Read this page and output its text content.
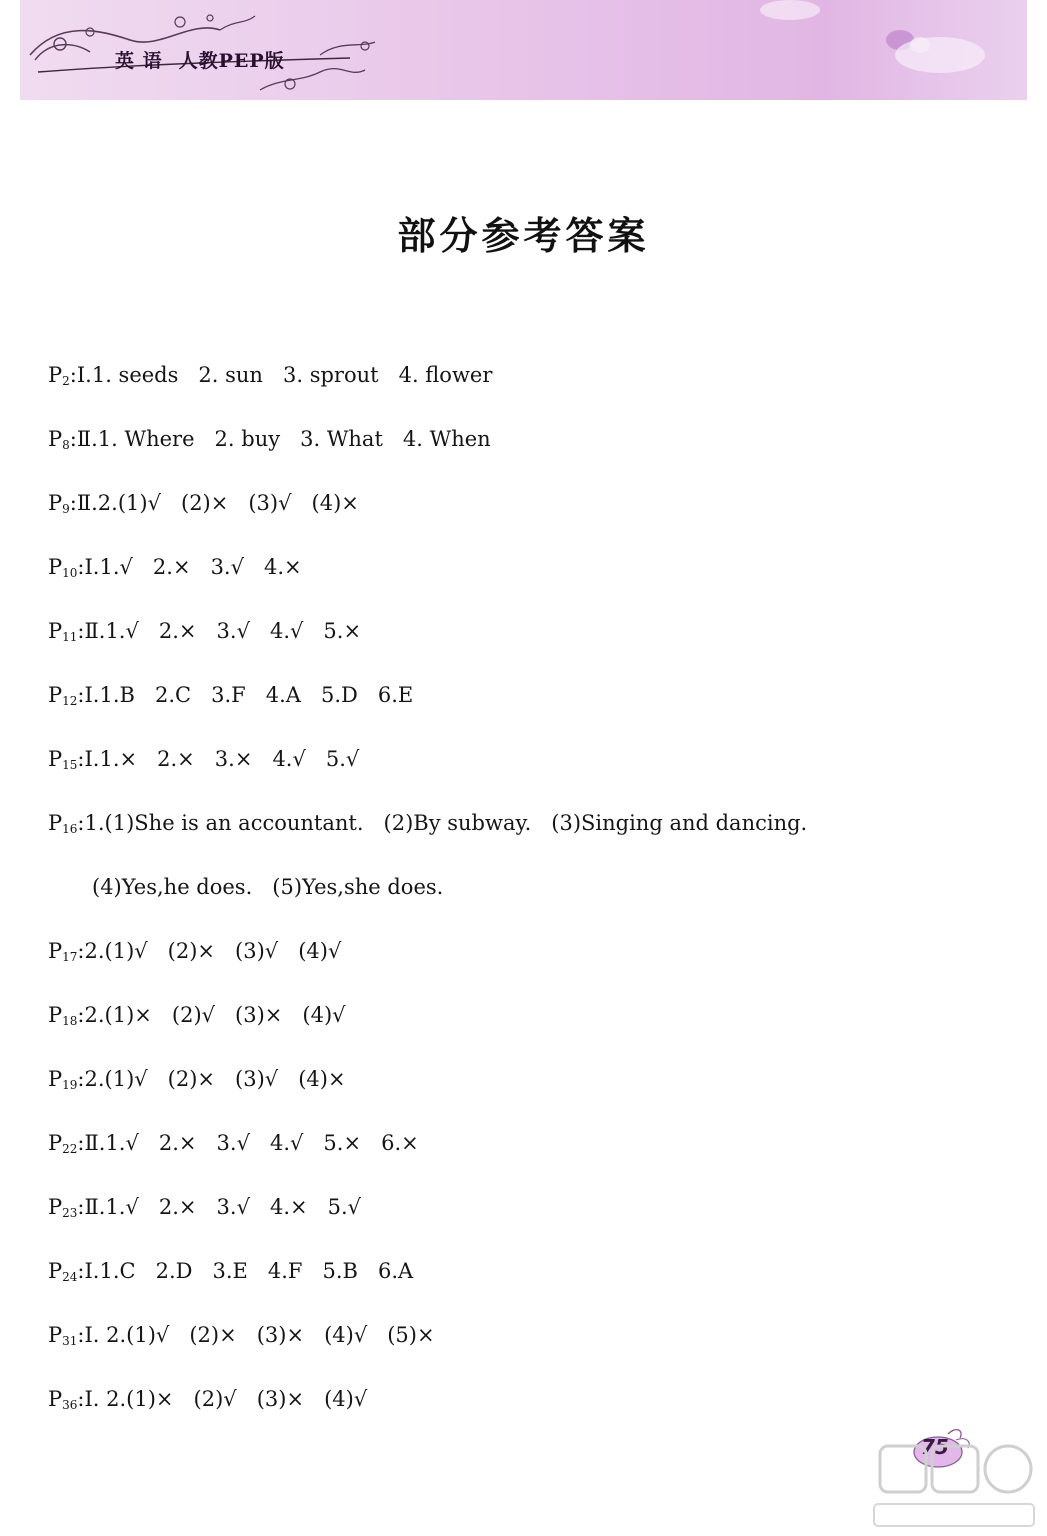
英 语 人教PEP版
部分参考答案
$P_2:Ⅰ.1$. seeds   2. sun   3. sprout   4. flower
$P_8:Ⅱ.1$. Where   2. buy   3. What   4. When
$P_9:Ⅱ.2.(1)√$   (2)×   (3)√   (4)×
$P_{10}:Ⅰ.1.√$   2.×   3.√   4.×
$P_{11}:Ⅱ.1.√$   2.×   3.√   4.√   5.×
$P_{12}:Ⅰ.1.B$   2.C   3.F   4.A   5.D   6.E
$P_{15}:Ⅰ.1.\times 2.\times 3.\times 4.√$   5.√
$P_{16}:1.(1)She$ is an accountant.   (2)By subway.   (3)Singing and dancing.
(4)Yes,he does.   (5)Yes,she does.
$P_{17}:2.(1)√$   (2)×   (3)√   (4)√
$P_{18}:2.(1)\times (2)√$   (3)×   (4)√
$P_{19}:2.(1)√$   (2)×   (3)√   (4)×
$P_{22}:Ⅱ.1.√$   2.×   3.√   4.√   5.×   6.×
$P_{23}:Ⅱ.1.√$   2.×   3.√   4.×   5.√
$P_{24}:Ⅰ.1.C$   2.D   3.E   4.F   5.B   6.A
$P_{31}:Ⅰ$. 2.(1)√   (2)×   (3)×   (4)√   (5)×
$P_{36}:Ⅰ$. 2.(1)×   (2)√   (3)×   (4)√
75
